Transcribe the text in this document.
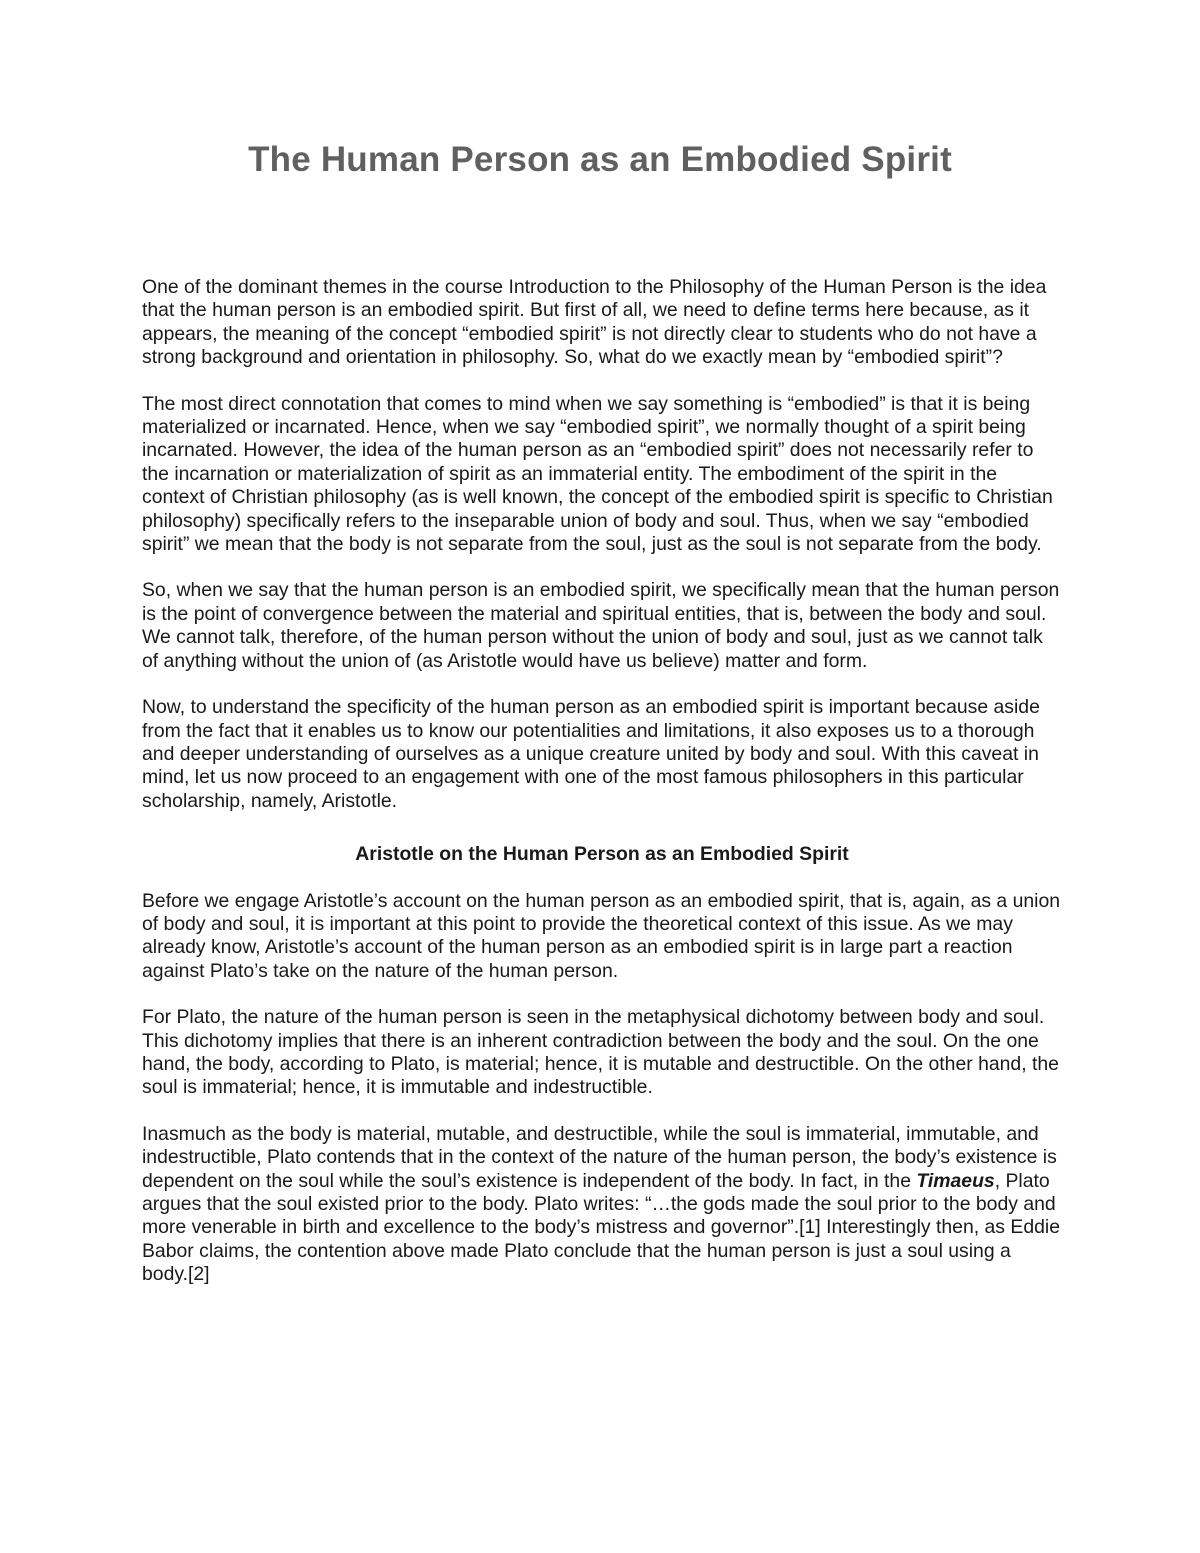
The Human Person as an Embodied Spirit

One of the dominant themes in the course Introduction to the Philosophy of the Human Person is the idea that the human person is an embodied spirit. But first of all, we need to define terms here because, as it appears, the meaning of the concept “embodied spirit” is not directly clear to students who do not have a strong background and orientation in philosophy. So, what do we exactly mean by “embodied spirit”?

The most direct connotation that comes to mind when we say something is “embodied” is that it is being materialized or incarnated. Hence, when we say “embodied spirit”, we normally thought of a spirit being incarnated. However, the idea of the human person as an “embodied spirit” does not necessarily refer to the incarnation or materialization of spirit as an immaterial entity. The embodiment of the spirit in the context of Christian philosophy (as is well known, the concept of the embodied spirit is specific to Christian philosophy) specifically refers to the inseparable union of body and soul. Thus, when we say “embodied spirit” we mean that the body is not separate from the soul, just as the soul is not separate from the body.

So, when we say that the human person is an embodied spirit, we specifically mean that the human person is the point of convergence between the material and spiritual entities, that is, between the body and soul. We cannot talk, therefore, of the human person without the union of body and soul, just as we cannot talk of anything without the union of (as Aristotle would have us believe) matter and form.

Now, to understand the specificity of the human person as an embodied spirit is important because aside from the fact that it enables us to know our potentialities and limitations, it also exposes us to a thorough and deeper understanding of ourselves as a unique creature united by body and soul. With this caveat in mind, let us now proceed to an engagement with one of the most famous philosophers in this particular scholarship, namely, Aristotle.

Aristotle on the Human Person as an Embodied Spirit

Before we engage Aristotle’s account on the human person as an embodied spirit, that is, again, as a union of body and soul, it is important at this point to provide the theoretical context of this issue. As we may already know, Aristotle’s account of the human person as an embodied spirit is in large part a reaction against Plato’s take on the nature of the human person.

For Plato, the nature of the human person is seen in the metaphysical dichotomy between body and soul. This dichotomy implies that there is an inherent contradiction between the body and the soul. On the one hand, the body, according to Plato, is material; hence, it is mutable and destructible. On the other hand, the soul is immaterial; hence, it is immutable and indestructible.

Inasmuch as the body is material, mutable, and destructible, while the soul is immaterial, immutable, and indestructible, Plato contends that in the context of the nature of the human person, the body’s existence is dependent on the soul while the soul’s existence is independent of the body. In fact, in the Timaeus, Plato argues that the soul existed prior to the body. Plato writes: “…the gods made the soul prior to the body and more venerable in birth and excellence to the body’s mistress and governor”.[1] Interestingly then, as Eddie Babor claims, the contention above made Plato conclude that the human person is just a soul using a body.[2]
